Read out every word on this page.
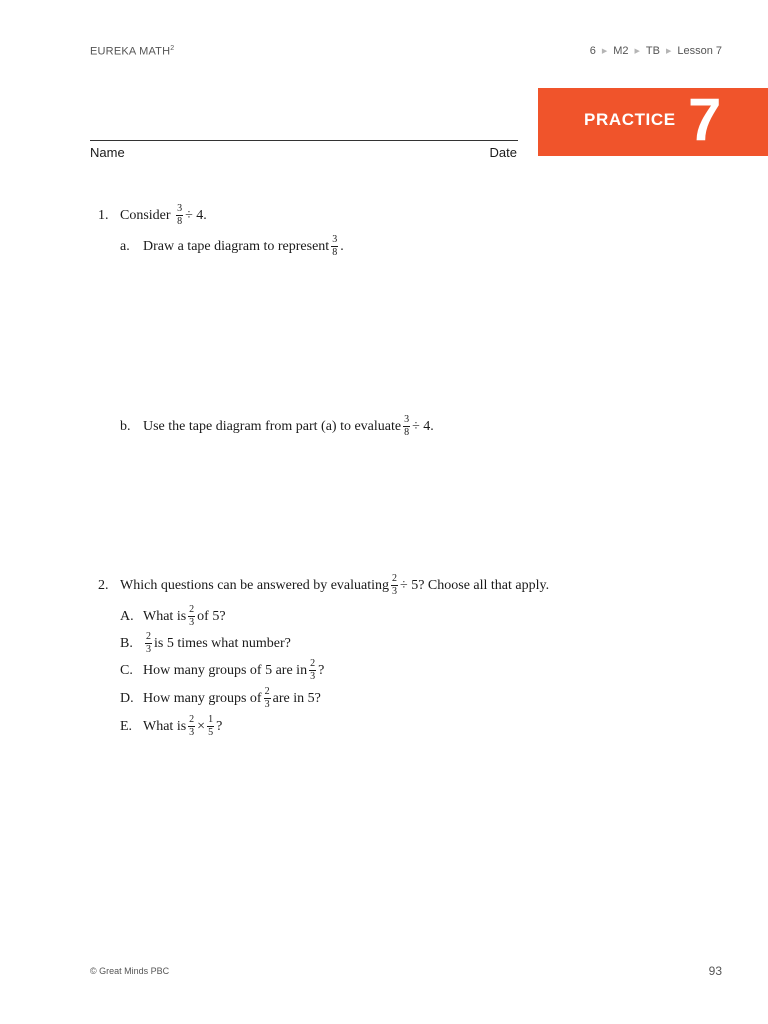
EUREKA MATH$^2$	6 ▶ M2 ▶ TB ▶ Lesson 7
PRACTICE 7
Name	Date
1. Consider
$\frac{3}{8} \div 4$.
a. Draw a tape diagram to represent $\frac{3}{8}$ .
b. Use the tape diagram from part (a) to evaluate $\frac{3}{8} \div 4$.
2. Which questions can be answered by evaluating $\frac{2}{3} \div 5$? Choose all that apply.
A. What is $\frac{2}{3}$ of 5?
B.	$\frac{2}{3}$ is 5 times what number?
C. How many groups of 5 are in $\frac{2}{3}$ ?
D. How many groups of $\frac{2}{3}$ are in 5?
E. What is $\frac{2}{3} \times \frac{1}{5}$ ?
© Great Minds PBC	93
